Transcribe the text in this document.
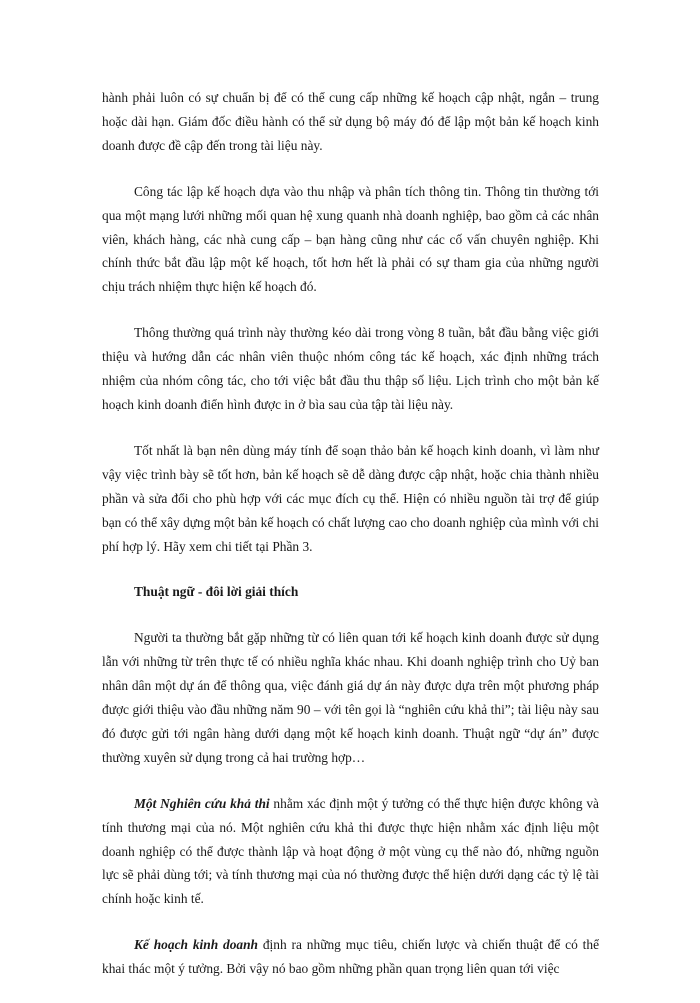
hành phải luôn có sự chuẩn bị để có thể cung cấp những kế hoạch cập nhật, ngắn – trung hoặc dài hạn. Giám đốc điều hành có thể sử dụng bộ máy đó để lập một bản kế hoạch kinh doanh được đề cập đến trong tài liệu này.

Công tác lập kế hoạch dựa vào thu nhập và phân tích thông tin. Thông tin thường tới qua một mạng lưới những mối quan hệ xung quanh nhà doanh nghiệp, bao gồm cả các nhân viên, khách hàng, các nhà cung cấp – bạn hàng cũng như các cố vấn chuyên nghiệp. Khi chính thức bắt đầu lập một kế hoạch, tốt hơn hết là phải có sự tham gia của những người chịu trách nhiệm thực hiện kế hoạch đó.

Thông thường quá trình này thường kéo dài trong vòng 8 tuần, bắt đầu bằng việc giới thiệu và hướng dẫn các nhân viên thuộc nhóm công tác kế hoạch, xác định những trách nhiệm của nhóm công tác, cho tới việc bắt đầu thu thập số liệu. Lịch trình cho một bản kế hoạch kinh doanh điển hình được in ở bìa sau của tập tài liệu này.

Tốt nhất là bạn nên dùng máy tính để soạn thảo bản kế hoạch kinh doanh, vì làm như vậy việc trình bày sẽ tốt hơn, bản kế hoạch sẽ dễ dàng được cập nhật, hoặc chia thành nhiều phần và sửa đổi cho phù hợp với các mục đích cụ thể. Hiện có nhiều nguồn tài trợ để giúp bạn có thể xây dựng một bản kế hoạch có chất lượng cao cho doanh nghiệp của mình với chi phí hợp lý. Hãy xem chi tiết tại Phần 3.

Thuật ngữ - đôi lời giải thích

Người ta thường bắt gặp những từ có liên quan tới kế hoạch kinh doanh được sử dụng lẫn với những từ trên thực tế có nhiều nghĩa khác nhau. Khi doanh nghiệp trình cho Uỷ ban nhân dân một dự án để thông qua, việc đánh giá dự án này được dựa trên một phương pháp được giới thiệu vào đầu những năm 90 – với tên gọi là “nghiên cứu khả thi”; tài liệu này sau đó được gửi tới ngân hàng dưới dạng một kế hoạch kinh doanh. Thuật ngữ “dự án” được thường xuyên sử dụng trong cả hai trường hợp…

Một Nghiên cứu khả thi nhằm xác định một ý tưởng có thể thực hiện được không và tính thương mại của nó. Một nghiên cứu khả thi được thực hiện nhằm xác định liệu một doanh nghiệp có thể được thành lập và hoạt động ở một vùng cụ thể nào đó, những nguồn lực sẽ phải dùng tới; và tính thương mại của nó thường được thể hiện dưới dạng các tỷ lệ tài chính hoặc kinh tế.

Kế hoạch kinh doanh định ra những mục tiêu, chiến lược và chiến thuật để có thể khai thác một ý tưởng. Bởi vậy nó bao gồm những phần quan trọng liên quan tới việc
